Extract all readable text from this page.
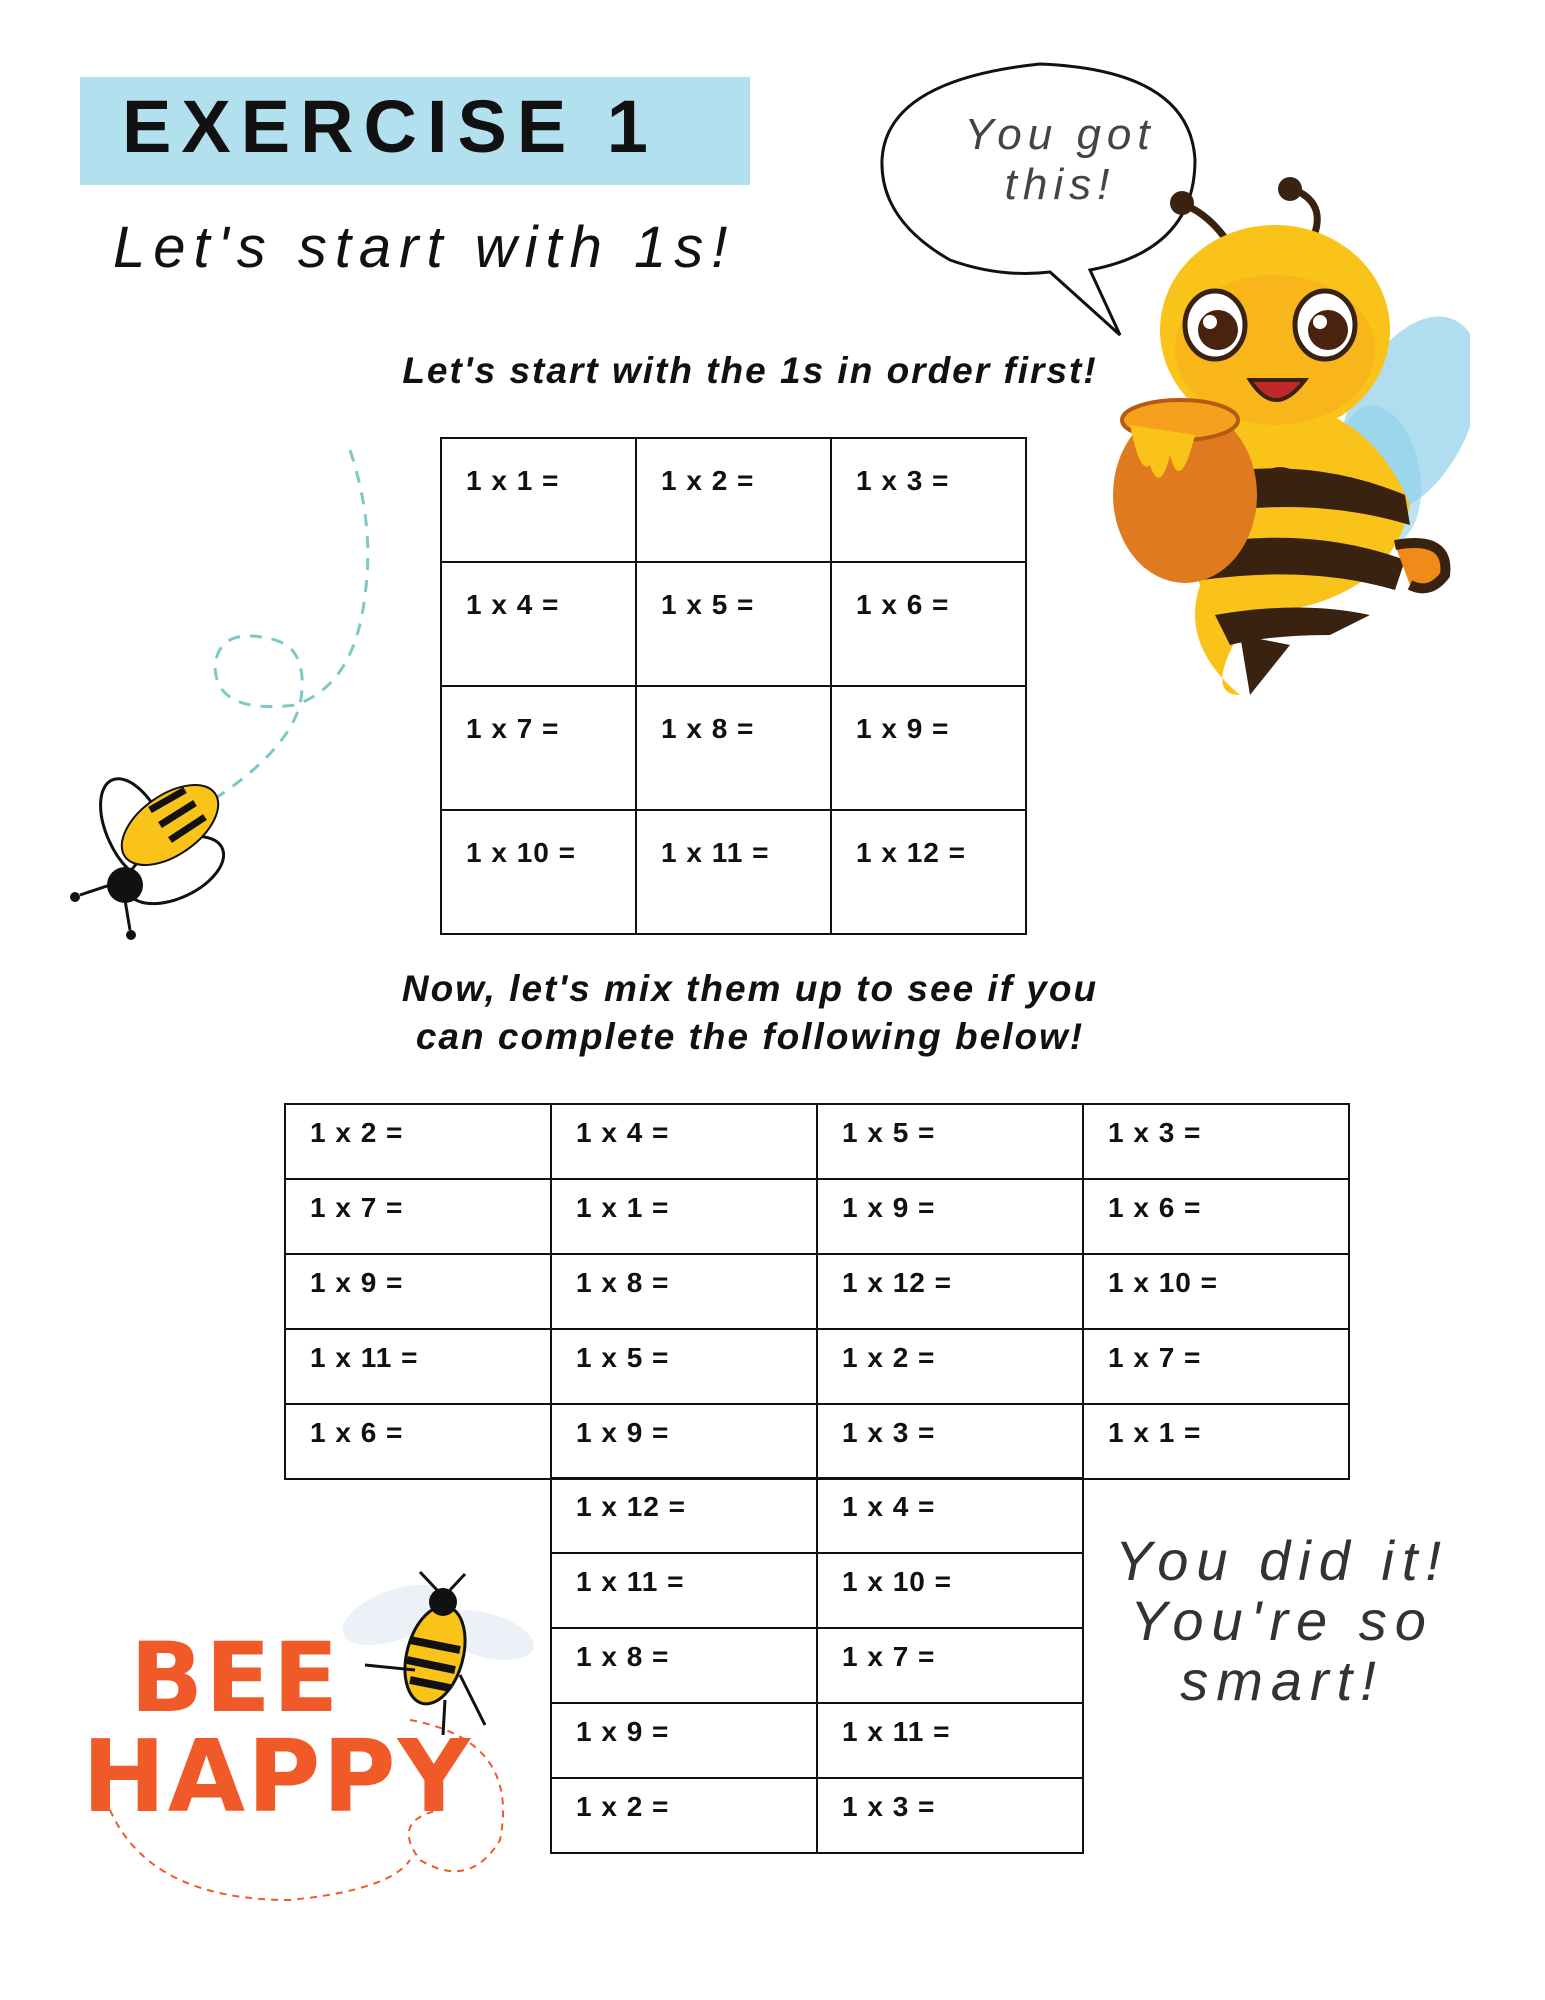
EXERCISE 1
Let's start with 1s!
You got
this!
Let's start with the 1s in order first!
1 x 1 =	1 x 2 =	1 x 3 =
1 x 4 =	1 x 5 =	1 x 6 =
1 x 7 =	1 x 8 =	1 x 9 =
1 x 10 =	1 x 11 =	1 x 12 =
Now, let's mix them up to see if you
can complete the following below!
1 x 2 =	1 x 4 =	1 x 5 =	1 x 3 =
1 x 7 =	1 x 1 =	1 x 9 =	1 x 6 =
1 x 9 =	1 x 8 =	1 x 12 =	1 x 10 =
1 x 11 =	1 x 5 =	1 x 2 =	1 x 7 =
1 x 6 =	1 x 9 =	1 x 3 =	1 x 1 =
1 x 12 =	1 x 4 =
1 x 11 =	1 x 10 =
1 x 8 =	1 x 7 =
1 x 9 =	1 x 11 =
1 x 2 =	1 x 3 =
You did it!
You're so
smart!
BEE
HAPPY
